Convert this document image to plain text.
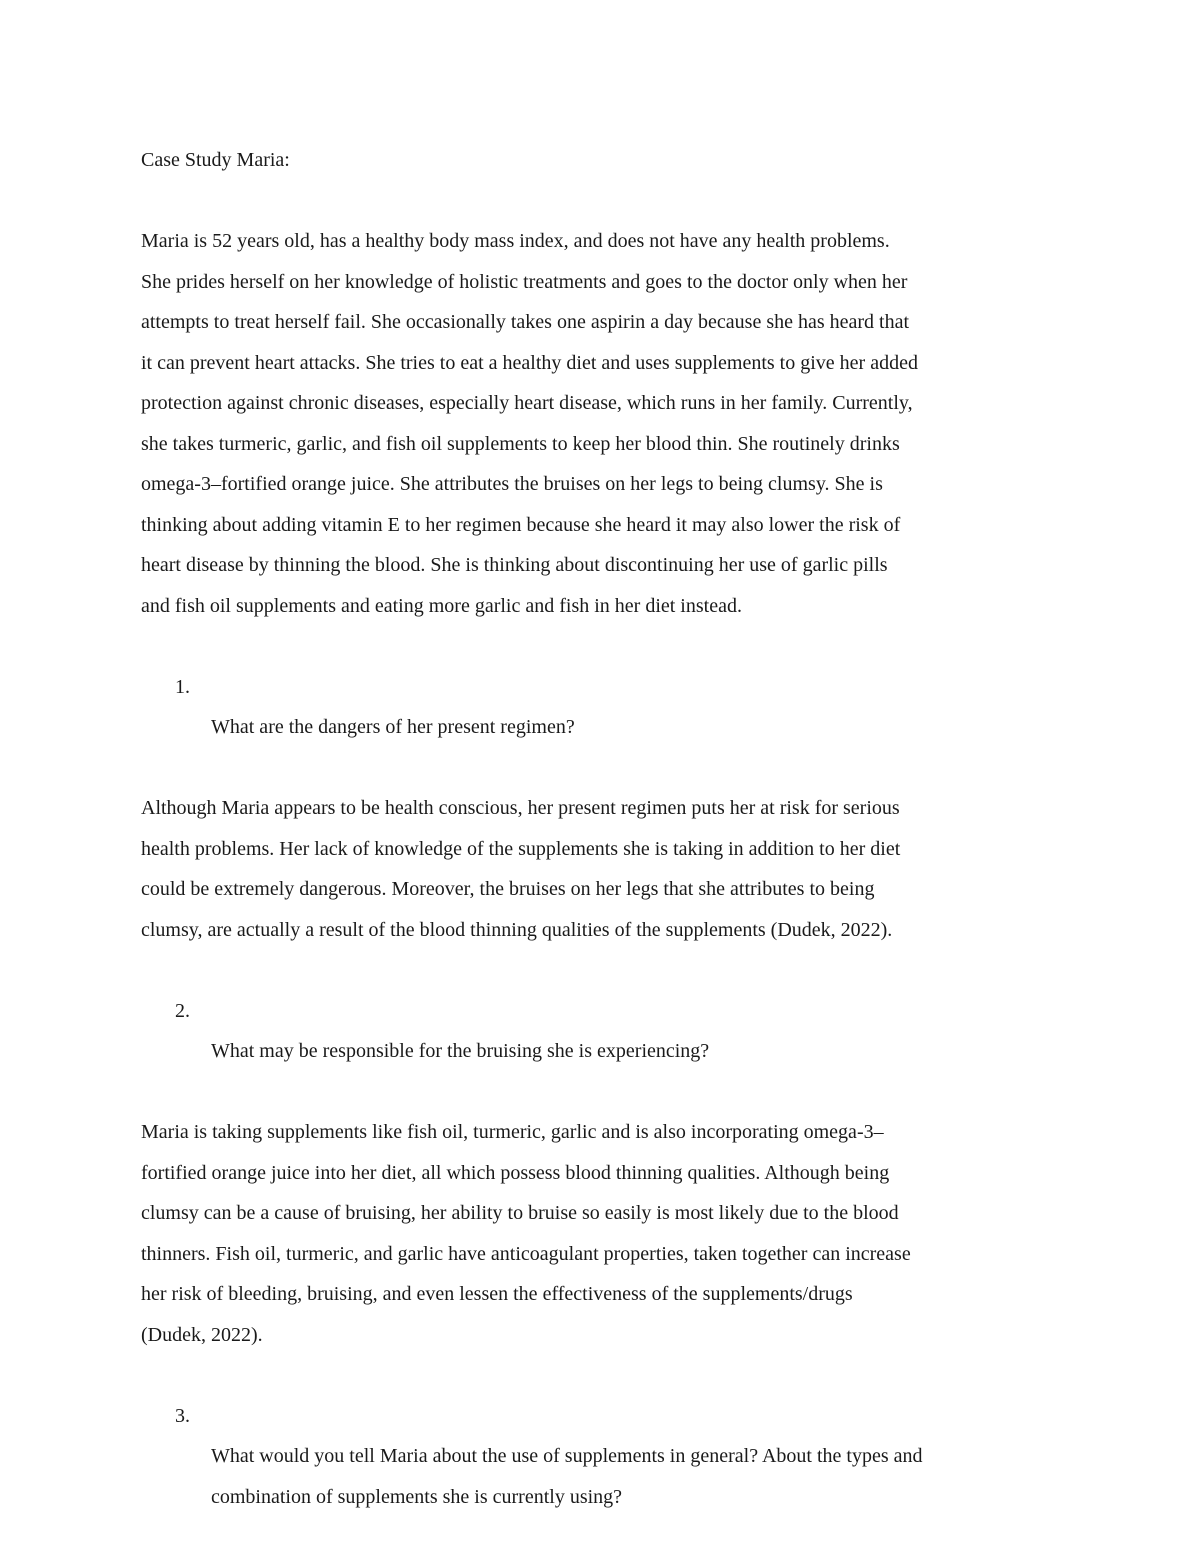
Case Study Maria:

Maria is 52 years old, has a healthy body mass index, and does not have any health problems.
She prides herself on her knowledge of holistic treatments and goes to the doctor only when her
attempts to treat herself fail. She occasionally takes one aspirin a day because she has heard that
it can prevent heart attacks. She tries to eat a healthy diet and uses supplements to give her added
protection against chronic diseases, especially heart disease, which runs in her family. Currently,
she takes turmeric, garlic, and fish oil supplements to keep her blood thin. She routinely drinks
omega-3–fortified orange juice. She attributes the bruises on her legs to being clumsy. She is
thinking about adding vitamin E to her regimen because she heard it may also lower the risk of
heart disease by thinning the blood. She is thinking about discontinuing her use of garlic pills
and fish oil supplements and eating more garlic and fish in her diet instead.

1.
What are the dangers of her present regimen?

Although Maria appears to be health conscious, her present regimen puts her at risk for serious
health problems. Her lack of knowledge of the supplements she is taking in addition to her diet
could be extremely dangerous. Moreover, the bruises on her legs that she attributes to being
clumsy, are actually a result of the blood thinning qualities of the supplements (Dudek, 2022).

2.
What may be responsible for the bruising she is experiencing?

Maria is taking supplements like fish oil, turmeric, garlic and is also incorporating omega-3–
fortified orange juice into her diet, all which possess blood thinning qualities. Although being
clumsy can be a cause of bruising, her ability to bruise so easily is most likely due to the blood
thinners. Fish oil, turmeric, and garlic have anticoagulant properties, taken together can increase
her risk of bleeding, bruising, and even lessen the effectiveness of the supplements/drugs
(Dudek, 2022).

3.
What would you tell Maria about the use of supplements in general? About the types and
combination of supplements she is currently using?
